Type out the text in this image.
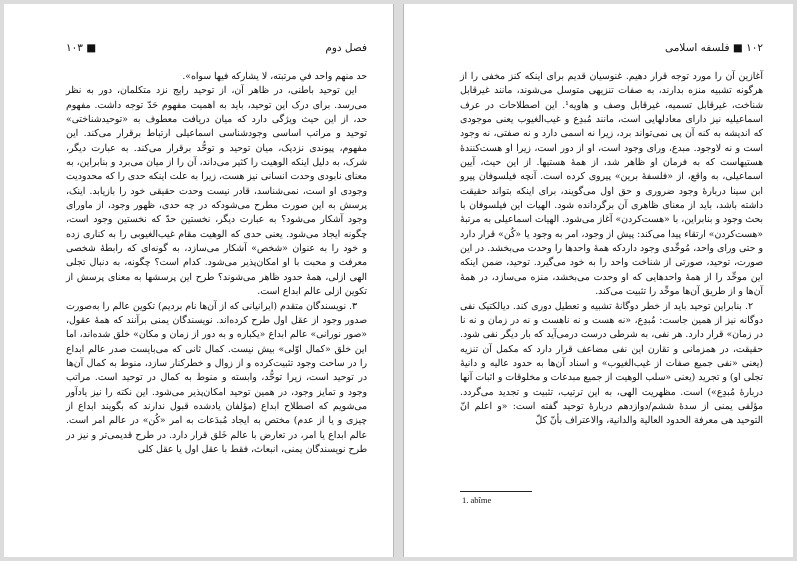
فصل دوم
■ ۱۰۳

حد منهم واحد في مرتبته، لا يشاركه فيها سواه».

این توحید باطنی، در ظاهر آن، از توحید رایج نزد متکلمان، دور به نظر می‌رسد. برای درک این توحید، باید به اهمیت مفهوم حَدّ توجه داشت. مفهوم حد، از این حیث ویژگی دارد که میان دریافت معطوف به «توحیدشناختی» توحید و مراتب اساسی وجودشناسی اسماعیلی ارتباط برقرار می‌کند. این مفهوم، پیوندی نزدیک، میان توحید و توحُّد برقرار می‌کند. به عبارت دیگر، شرک، به دلیل اینکه الوهیت را کثیر می‌داند، آن را از میان می‌برد و بنابراین، به معنای نابودی وحدت انسانی نیز هست، زیرا به علت اینکه حدی را که محدودیت وجودی او است، نمی‌شناسد، قادر نیست وحدت حقیقی خود را بازیابد. اینک، پرسش به این صورت مطرح می‌شودکه در چه حدی، ظهور وجود، از ماورای وجود آشکار می‌شود؟ به عبارت دیگر، نخستین حدّ که نخستین وجود است، چگونه ایجاد می‌شود. یعنی حدی که الوهیت مقام غیب‌الغیوبی را به کناری زده و خود را به عنوان «شخص» آشکار می‌سازد، به گونه‌ای که رابطهٔ شخصی معرفت و محبت با او امکان‌پذیر می‌شود. کدام است؟ چگونه، به دنبال تجلی الهی ازلی، همهٔ حدود ظاهر می‌شوند؟ طرح این پرسشها به معنای پرسش از تکوین ازلی عالم ابداع است.

۳. نویسندگان متقدم (ایرانیانی که از آن‌ها نام بردیم) تکوین عالم را به‌صورت صدور وجود از عقل اول طرح کرده‌اند. نویسندگان یمنی برآنند که همهٔ عقول، «صور نورانی» عالم ابداع «یکباره و به دور از زمان و مکان» خلق شده‌اند، اما این خلق «کمال اوّلی» بیش نیست. کمال ثانی که می‌بایست صدر عالم ابداع را در ساحت وجود تثبیت‌کرده و از زوال و خطرکنار سازد، منوط به کمال آن‌ها در توحید است، زیرا توحُّد، وابسته و منوط به کمال در توحید است. مراتب وجود و تمایز وجود، در همین توحید امکان‌پذیر می‌شود. این نکته را نیز یادآور می‌شویم که اصطلاح ابداع (مؤلفان یادشده قبول ندارند که بگویند ابداع از چیزی و یا از عدم) مختص به ایجاد مُبدَعات به امر «کُن» در عالم امر است. عالم ابداع یا امر، در تعارض با عالم خَلق قرار دارد. در طرح قدیمی‌تر و نیز در طرح نویسندگان یمنی، انبعاث، فقط با عقل اول یا عقل کلی

۱۰۲ ■ فلسفه اسلامی

آغازین آن را مورد توجه قرار دهیم. غنوسیان قدیم برای اینکه کنز مخفی را از هرگونه تشبیه منزه بدارند، به صفات تنزیهی متوسل می‌شوند، مانند غیرقابل شناخت، غیرقابل تسمیه، غیرقابل وصف و هاویه¹. این اصطلاحات در عرف اسماعیلیه نیز دارای معادلهایی است، مانند مُبدِع و غیب‌الغیوب یعنی موجودی که اندیشه به کنه آن پی نمی‌تواند برد، زیرا نه اسمی دارد و نه صفتی، نه وجود است و نه لاوجود. مبدع، ورای وجود است، او از دور است، زیرا او هست‌کنندهٔ هستیهاست که به فرمان او ظاهر شد، از همهٔ هستیها. از این حیث، آیین اسماعیلی، به واقع، از «فلسفهٔ برین» پیروی کرده است. آنچه فیلسوفان پیرو ابن سینا دربارهٔ وجود ضروری و حق اول می‌گویند، برای اینکه بتواند حقیقت داشته باشد، باید از معنای ظاهری آن برگردانده شود. الهیات این فیلسوفان با بحث وجود و بنابراین، با «هست‌کردن» آغاز می‌شود. الهیات اسماعیلی به مرتبهٔ «هست‌کردن» ارتقاء پیدا می‌کند: پیش از وجود، امر به وجود یا «کُن» قرار دارد و حتی ورای واحد، مُوحِّدی وجود داردکه همهٔ واحدها را وحدت می‌بخشد. در این صورت، توحید، صورتی از شناخت واحد را به خود می‌گیرد. توحید، ضمن اینکه این موحِّد را از همهٔ واحدهایی که او وحدت می‌بخشد، منزه می‌سازد، در همهٔ آن‌ها و از طریق آن‌ها موحِّد را تثبیت می‌کند.

۲. بنابراین توحید باید از خطر دوگانهٔ تشبیه و تعطیل دوری کند. دیالکتیک نفی دوگانه نیز از همین جاست: مُبدِع، «نه هست و نه ناهست و نه در زمان و نه نا در زمان» قرار دارد. هر نفی، به شرطی درست درمی‌آید که بار دیگر نفی شود. حقیقت، در همزمانی و تقارن این نفی مضاعف قرار دارد که مکمل آن تنزیه (یعنی «نفی جمیع صفات از غیب‌الغیوب» و اسناد آن‌ها به حدود عالیه و دانیهٔ تجلی او) و تجرید (یعنی «سلب الوهیت از جمیع مبدعات و مخلوقات و اثبات آنها دربارهٔ مُبدِع») است. مظهریت الهی، به این ترتیب، تثبیت و تجدید می‌گردد. مؤلفی یمنی از سدهٔ ششم/دوازدهم دربارهٔ توحید گفته است: «و اعلم انّ التوحید هی معرفة الحدود العالیة والدانیة، والاعتراف بأنّ کلّ

1. abîme
